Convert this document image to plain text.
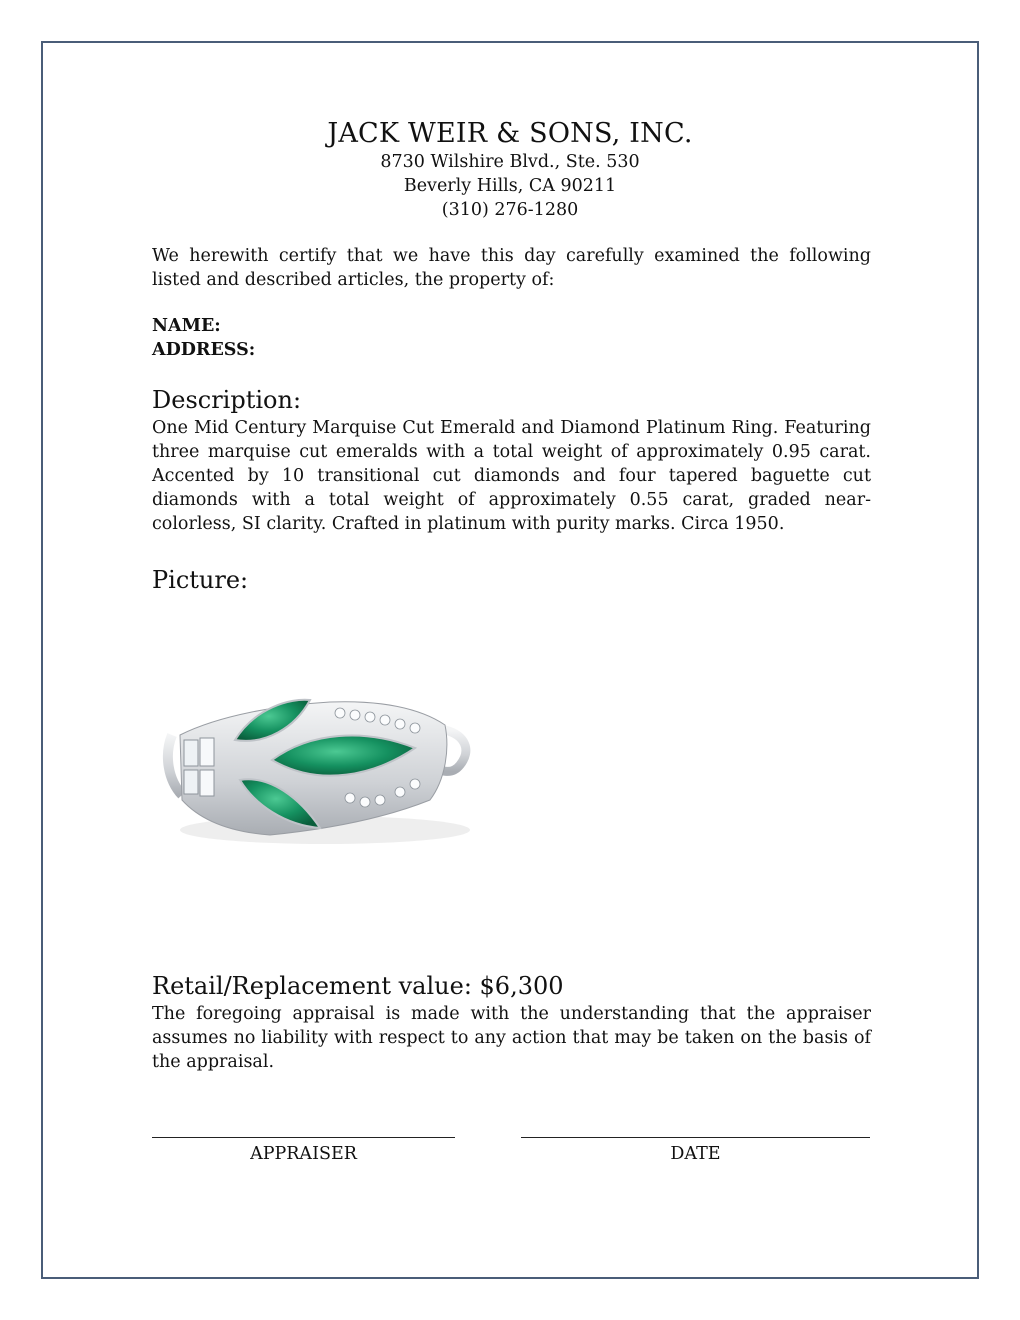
JACK WEIR & SONS, INC.
8730 Wilshire Blvd., Ste. 530
Beverly Hills, CA 90211
(310) 276-1280
We herewith certify that we have this day carefully examined the following listed and described articles, the property of:
NAME:
ADDRESS:
Description:
One Mid Century Marquise Cut Emerald and Diamond Platinum Ring. Featuring three marquise cut emeralds with a total weight of approximately 0.95 carat. Accented by 10 transitional cut diamonds and four tapered baguette cut diamonds with a total weight of approximately 0.55 carat, graded near-colorless, SI clarity. Crafted in platinum with purity marks. Circa 1950.
Picture:
Retail/Replacement value: $6,300
The foregoing appraisal is made with the understanding that the appraiser assumes no liability with respect to any action that may be taken on the basis of the appraisal.
APPRAISER	DATE
